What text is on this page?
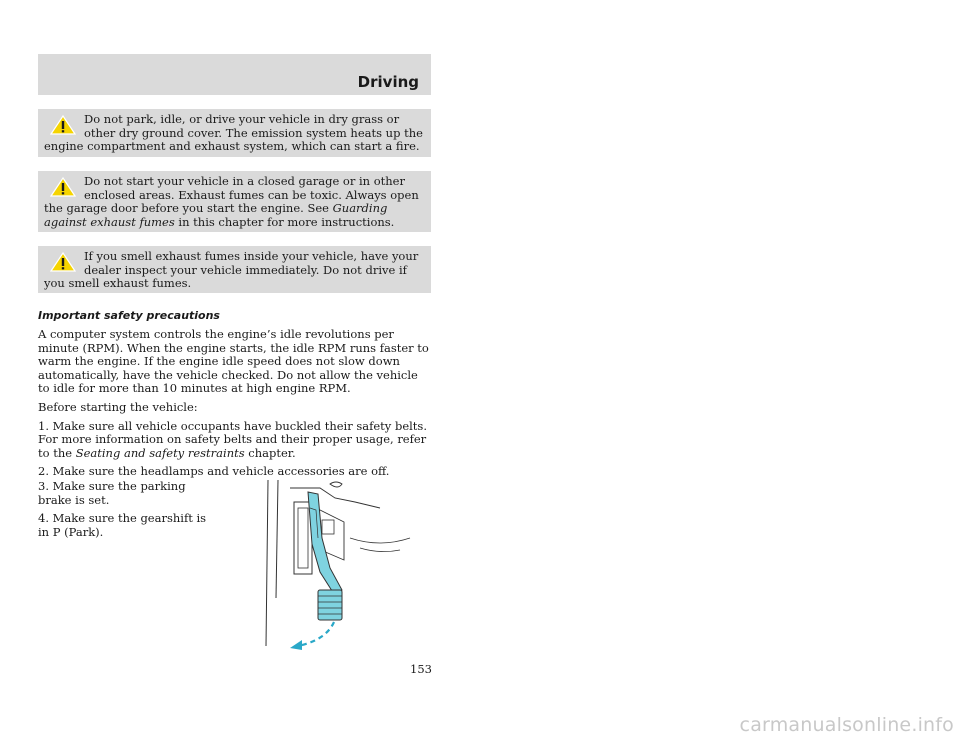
Driving

Do not park, idle, or drive your vehicle in dry grass or other dry ground cover. The emission system heats up the engine compartment and exhaust system, which can start a fire.

Do not start your vehicle in a closed garage or in other enclosed areas. Exhaust fumes can be toxic. Always open the garage door before you start the engine. See Guarding against exhaust fumes in this chapter for more instructions.

If you smell exhaust fumes inside your vehicle, have your dealer inspect your vehicle immediately. Do not drive if you smell exhaust fumes.

Important safety precautions

A computer system controls the engine’s idle revolutions per minute (RPM). When the engine starts, the idle RPM runs faster to warm the engine. If the engine idle speed does not slow down automatically, have the vehicle checked. Do not allow the vehicle to idle for more than 10 minutes at high engine RPM.

Before starting the vehicle:

1. Make sure all vehicle occupants have buckled their safety belts. For more information on safety belts and their proper usage, refer to the Seating and safety restraints chapter.

2. Make sure the headlamps and vehicle accessories are off.

3. Make sure the parking brake is set.

4. Make sure the gearshift is in P (Park).

153
carmanualsonline.info
